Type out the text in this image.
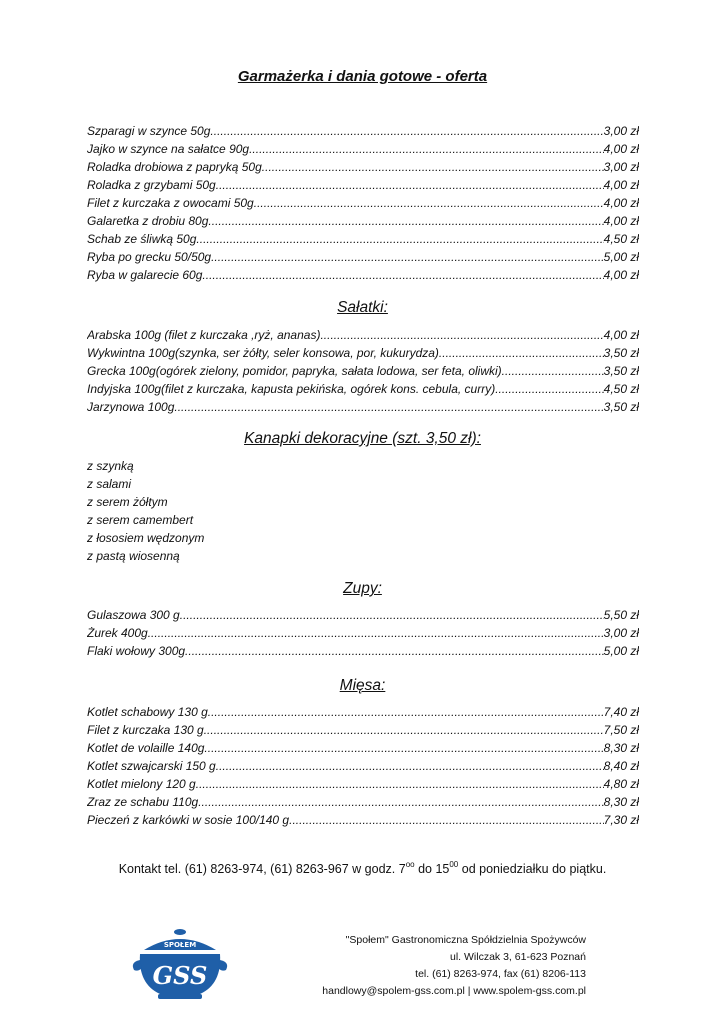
Garmażerka i dania gotowe - oferta
Szparagi w szynce 50g .....	3,00 zł
Jajko w szynce na sałatce 90g .....	4,00 zł
Roladka drobiowa z papryką 50g .....	3,00 zł
Roladka z grzybami 50g .....	4,00 zł
Filet z kurczaka z owocami 50g .....	4,00 zł
Galaretka z drobiu 80g .....	4,00 zł
Schab ze śliwką 50g .....	4,50 zł
Ryba po grecku 50/50g .....	5,00 zł
Ryba w galarecie 60g .....	4,00 zł
Sałatki:
Arabska 100g (filet z kurczaka ,ryż, ananas) .....	4,00 zł
Wykwintna 100g(szynka, ser żółty, seler konsowa, por, kukurydza) .....	3,50 zł
Grecka 100g(ogórek zielony, pomidor, papryka, sałata lodowa, ser feta, oliwki) .....	3,50 zł
Indyjska 100g(filet z kurczaka, kapusta pekińska, ogórek kons. cebula, curry) .....	4,50 zł
Jarzynowa 100g .....	3,50 zł
Kanapki dekoracyjne (szt. 3,50 zł):
z szynką
z salami
z serem żółtym
z serem camembert
z łososiem wędzonym
z pastą wiosenną
Zupy:
Gulaszowa 300 g .....	5,50 zł
Żurek 400g .....	3,00 zł
Flaki wołowy 300g .....	5,00 zł
Mięsa:
Kotlet schabowy 130 g .....	7,40 zł
Filet z kurczaka 130 g .....	7,50 zł
Kotlet de volaille 140g .....	8,30 zł
Kotlet szwajcarski 150 g .....	8,40 zł
Kotlet mielony 120 g .....	4,80 zł
Zraz ze schabu 110g .....	8,30 zł
Pieczeń z karkówki w sosie 100/140 g .....	7,30 zł
Kontakt tel. (61) 8263-974, (61) 8263-967 w godz. $7^{oo}$ do $15^{00}$ od poniedziałku do piątku.
SPOŁEM
GSS
"Społem" Gastronomiczna Spółdzielnia Spożywców
ul. Wilczak 3, 61-623 Poznań
tel. (61) 8263-974, fax (61) 8206-113
handlowy@spolem-gss.com.pl | www.spolem-gss.com.pl
